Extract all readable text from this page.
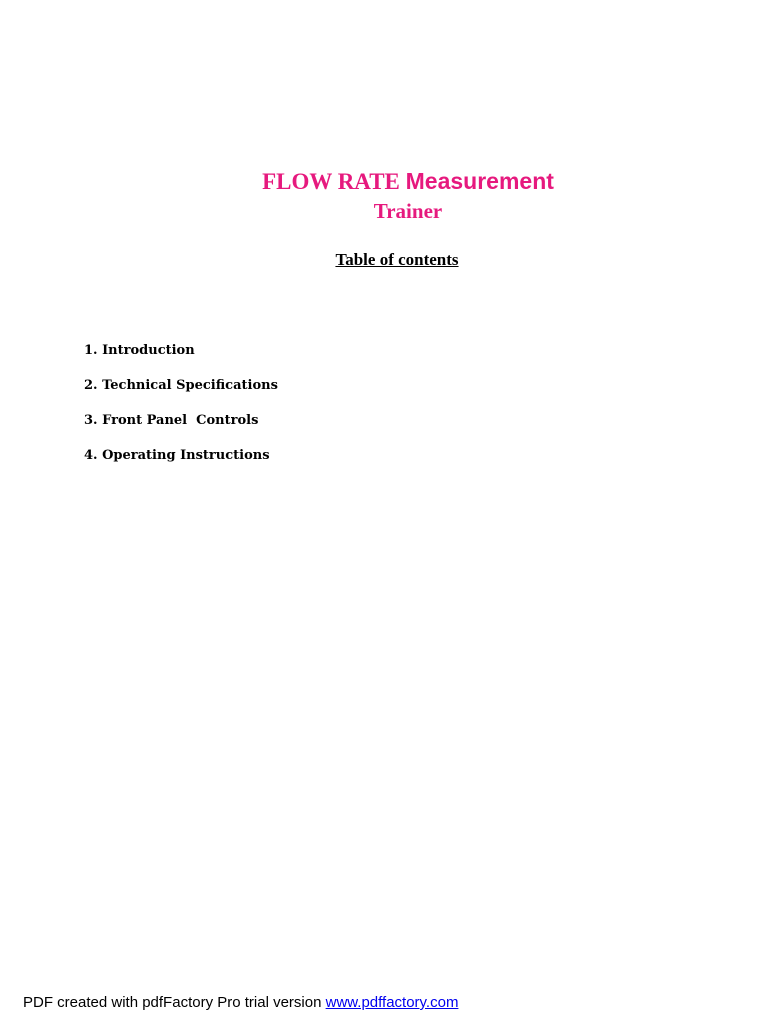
FLOW RATE Measurement
Trainer
Table of contents
1. Introduction
2. Technical Specifications
3. Front Panel  Controls
4. Operating Instructions
PDF created with pdfFactory Pro trial version www.pdffactory.com
